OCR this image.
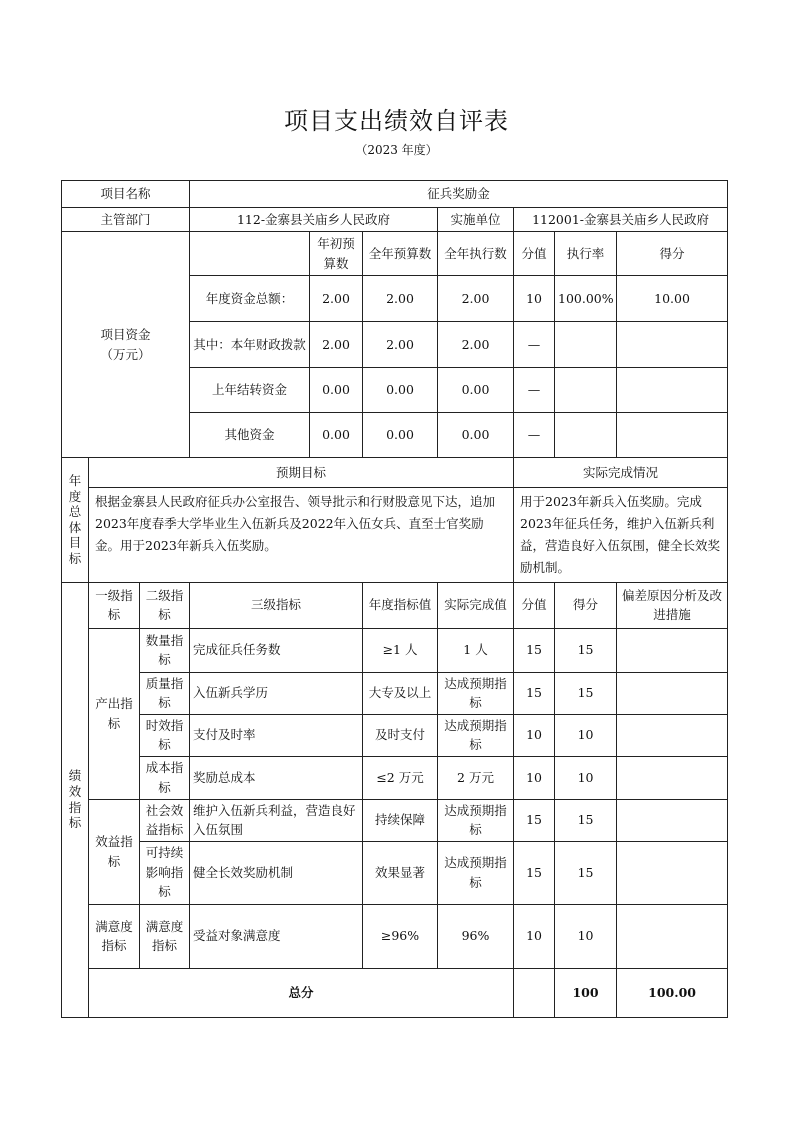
项目支出绩效自评表
（2023 年度）
项目名称			征兵奖励金							
主管部门			112-金寨县关庙乡人民政府			实施单位	112001-金寨县关庙乡人民政府			
项目资金（万元）				年初预算数	全年预算数	全年执行数	分值	执行率	得分	
			年度资金总额：	2.00	2.00	2.00	10	100.00%	10.00	
			其中：本年财政拨款	2.00	2.00	2.00	—			
			上年结转资金	0.00	0.00	0.00	—			
			其他资金	0.00	0.00	0.00	—			

年度总体目标	预期目标						实际完成情况			
	根据金寨县人民政府征兵办公室报告、领导批示和行财股意见下达，追加2023年度春季大学毕业生入伍新兵及2022年入伍女兵、直至士官奖励金。用于2023年新兵入伍奖励。						用于2023年新兵入伍奖励。完成2023年征兵任务，维护入伍新兵利益，营造良好入伍氛围，健全长效奖励机制。			

绩效指标	一级指标	二级指标	三级指标		年度指标值	实际完成值	分值	得分	偏差原因分析及改进措施	
	产出指标	数量指标	完成征兵任务数		≥1 人	1 人	15	15		
		质量指标	入伍新兵学历		大专及以上	达成预期指标	15	15		
		时效指标	支付及时率		及时支付	达成预期指标	10	10		
		成本指标	奖励总成本		≤2 万元	2 万元	10	10		
	效益指标	社会效益指标	维护入伍新兵利益，营造良好入伍氛围		持续保障	达成预期指标	15	15		
		可持续影响指标	健全长效奖励机制		效果显著	达成预期指标	15	15		
	满意度指标	满意度指标	受益对象满意度		≥96%	96%	10	10		
	总分							100	100.00	
